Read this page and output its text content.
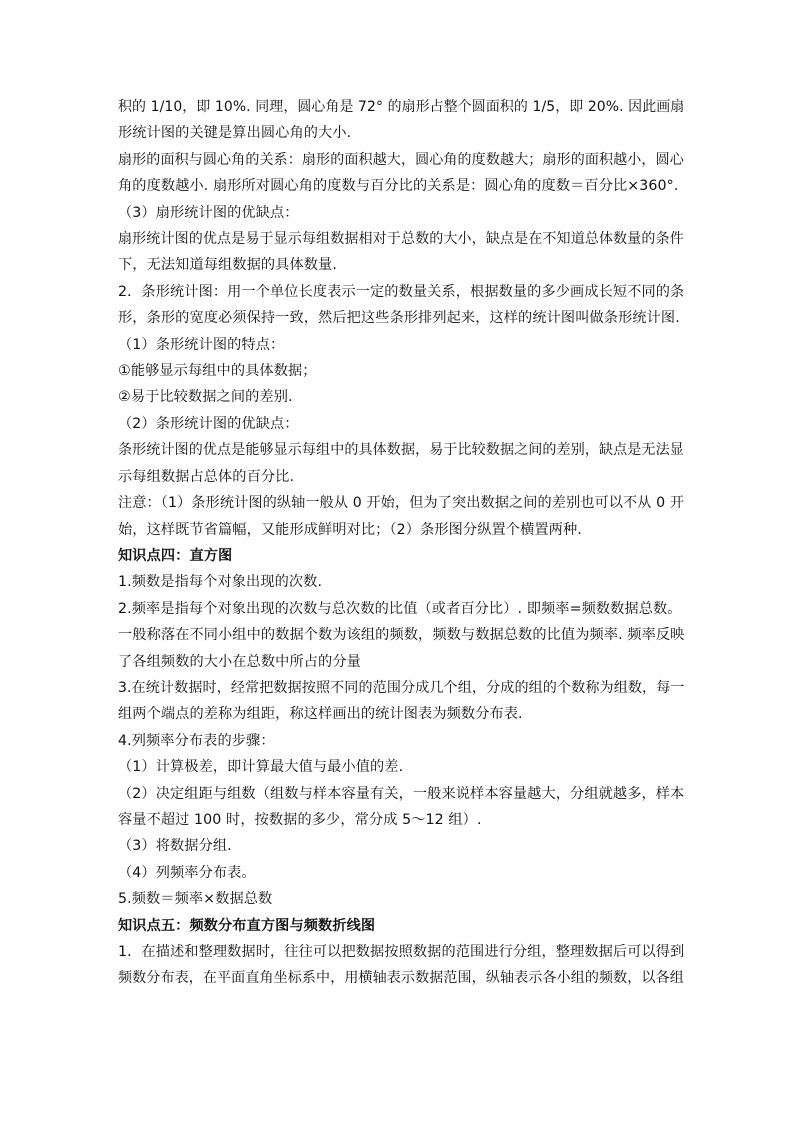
积的 1/10，即 10%. 同理，圆心角是 72° 的扇形占整个圆面积的 1/5，即 20%. 因此画扇
形统计图的关键是算出圆心角的大小.
扇形的面积与圆心角的关系：扇形的面积越大，圆心角的度数越大；扇形的面积越小，圆心
角的度数越小. 扇形所对圆心角的度数与百分比的关系是：圆心角的度数＝百分比×360°.
（3）扇形统计图的优缺点：
扇形统计图的优点是易于显示每组数据相对于总数的大小，缺点是在不知道总体数量的条件
下，无法知道每组数据的具体数量.
2．条形统计图：用一个单位长度表示一定的数量关系，根据数量的多少画成长短不同的条
形，条形的宽度必须保持一致，然后把这些条形排列起来，这样的统计图叫做条形统计图.
（1）条形统计图的特点：
①能够显示每组中的具体数据；
②易于比较数据之间的差别.
（2）条形统计图的优缺点：
条形统计图的优点是能够显示每组中的具体数据，易于比较数据之间的差别，缺点是无法显
示每组数据占总体的百分比.
注意：（1）条形统计图的纵轴一般从 0 开始，但为了突出数据之间的差别也可以不从 0 开
始，这样既节省篇幅，又能形成鲜明对比；（2）条形图分纵置个横置两种.
知识点四：直方图
1.频数是指每个对象出现的次数.
2.频率是指每个对象出现的次数与总次数的比值（或者百分比）. 即频率=频数数据总数。
一般称落在不同小组中的数据个数为该组的频数，频数与数据总数的比值为频率. 频率反映
了各组频数的大小在总数中所占的分量
3.在统计数据时，经常把数据按照不同的范围分成几个组，分成的组的个数称为组数，每一
组两个端点的差称为组距，称这样画出的统计图表为频数分布表.
4.列频率分布表的步骤：
（1）计算极差，即计算最大值与最小值的差.
（2）决定组距与组数（组数与样本容量有关，一般来说样本容量越大，分组就越多，样本
容量不超过 100 时，按数据的多少，常分成 5～12 组）.
（3）将数据分组.
（4）列频率分布表。
5.频数＝频率×数据总数
知识点五：频数分布直方图与频数折线图
1．在描述和整理数据时，往往可以把数据按照数据的范围进行分组，整理数据后可以得到
频数分布表，在平面直角坐标系中，用横轴表示数据范围，纵轴表示各小组的频数，以各组
